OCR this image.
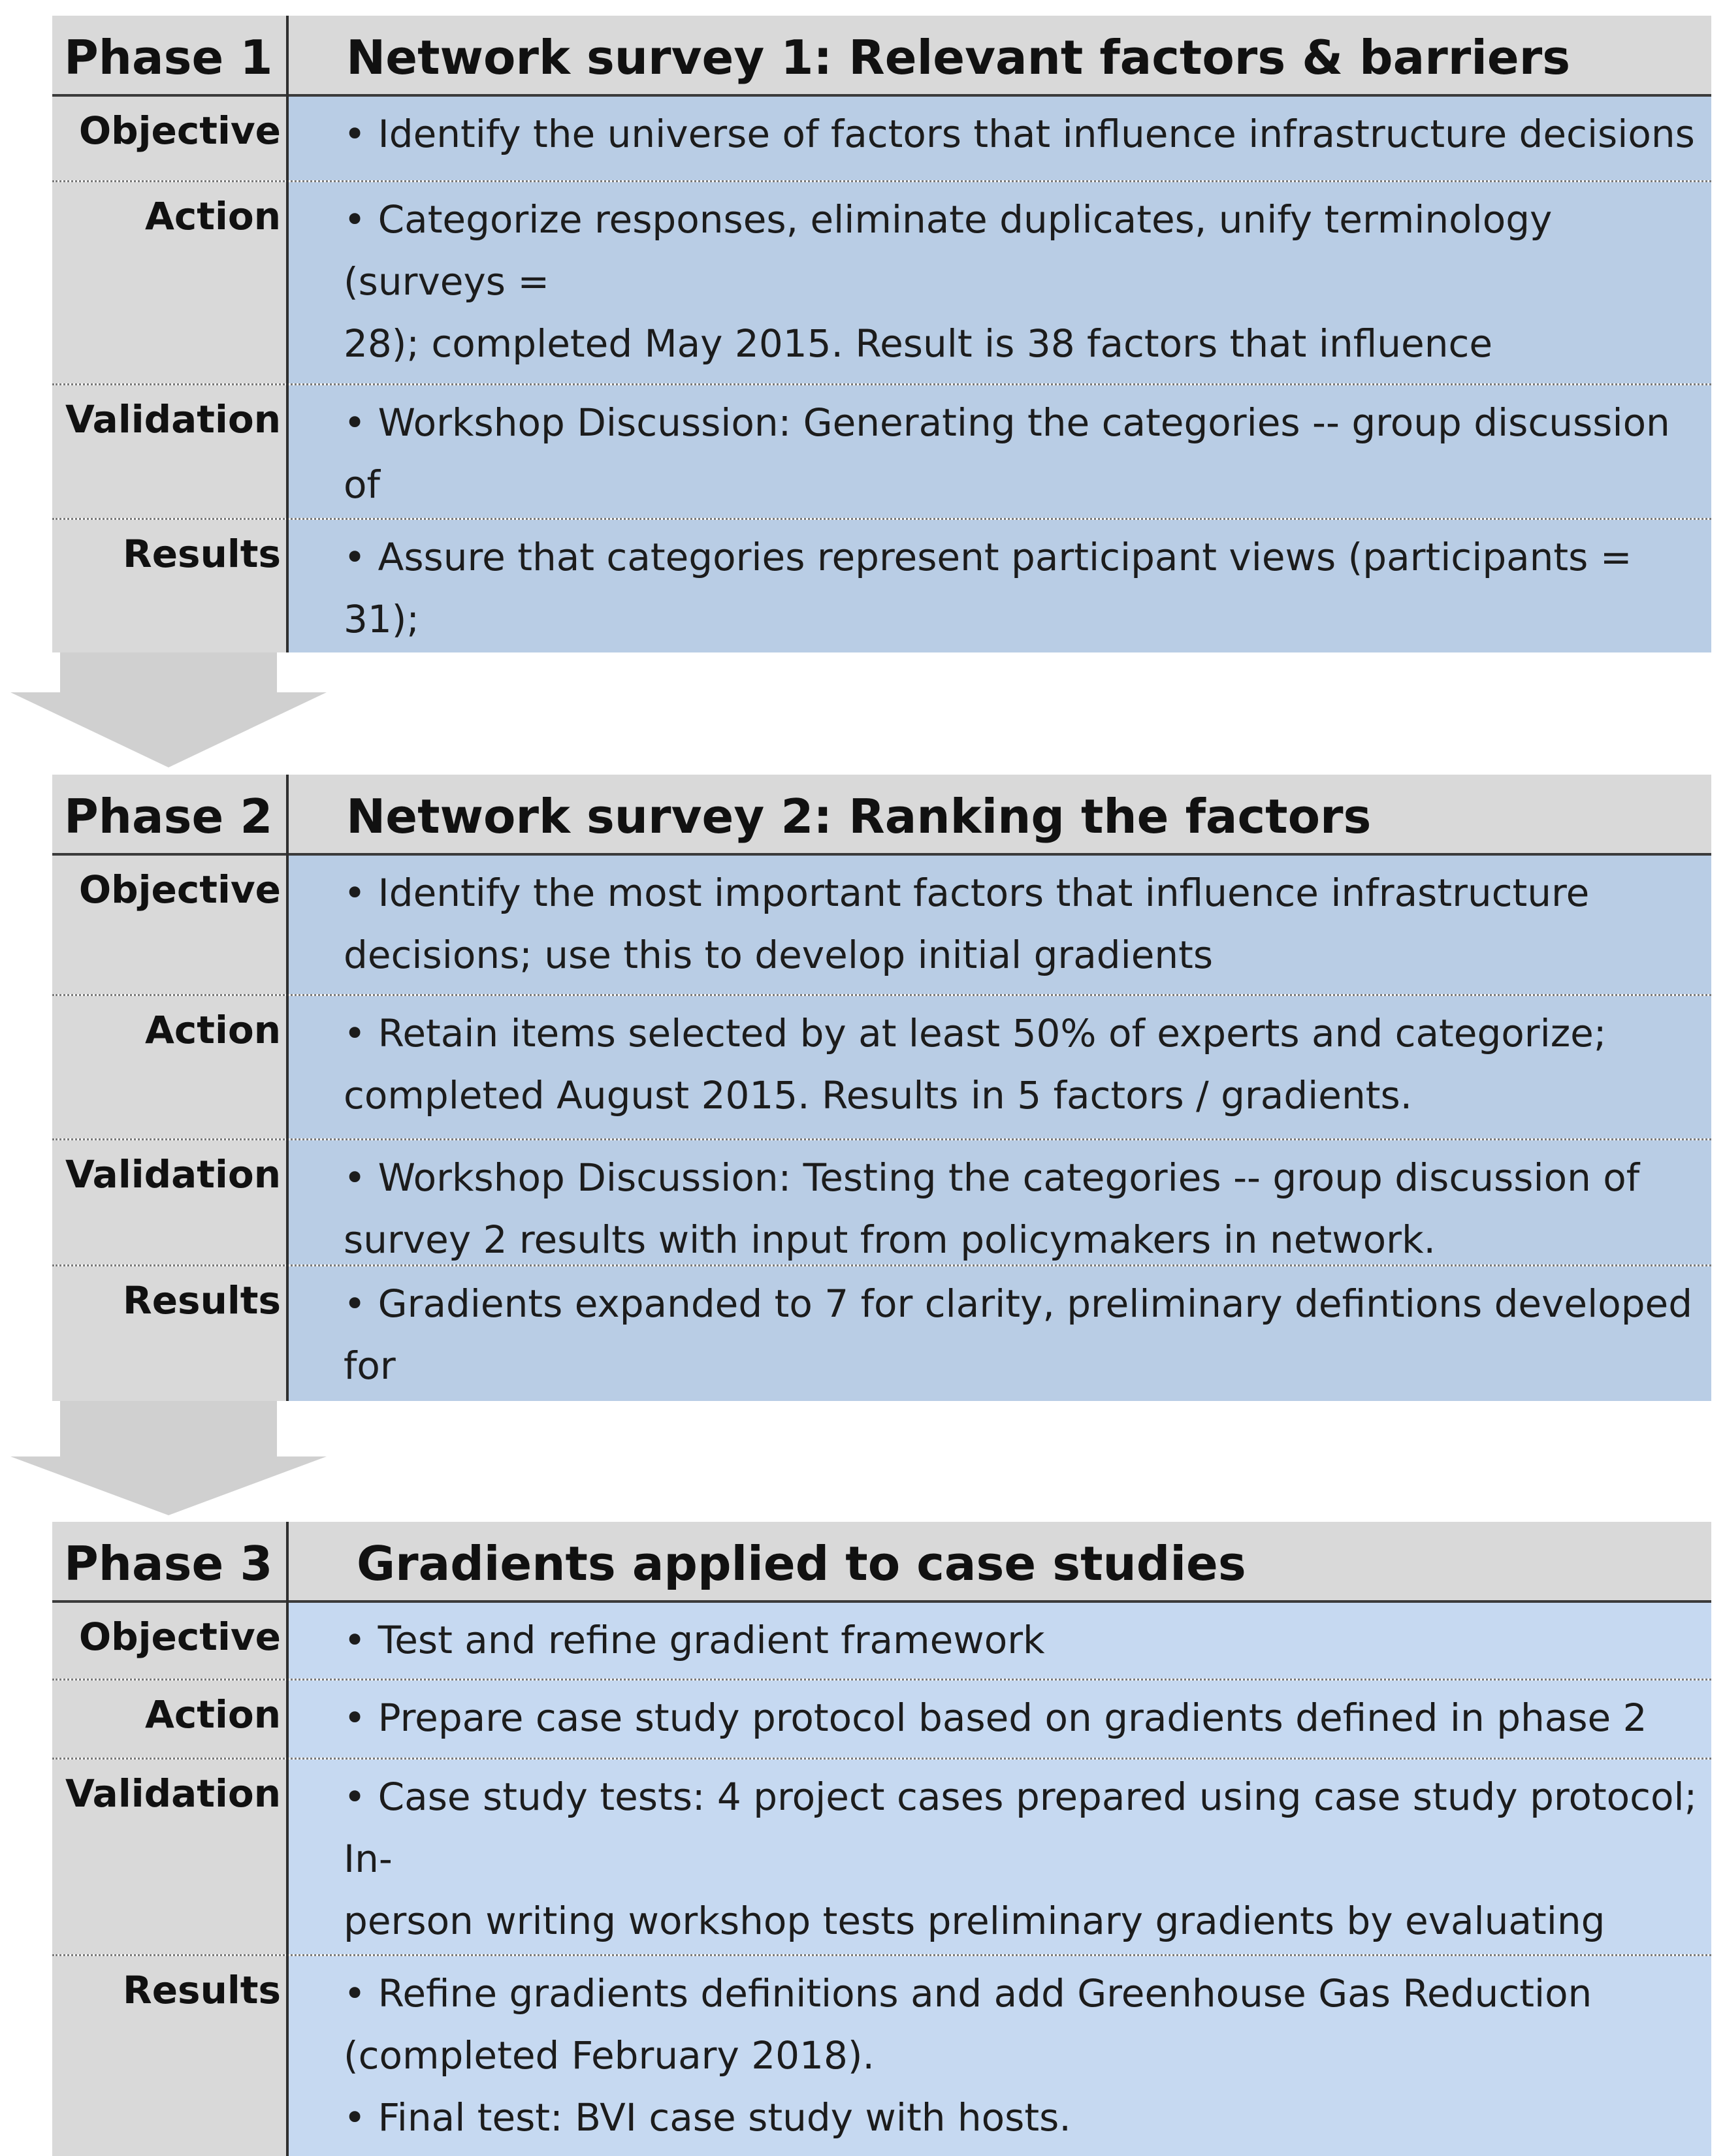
Phase 1 Network survey 1: Relevant factors & barriers
Objective	• Identify the universe of factors that influence infrastructure decisions
Action	• Categorize responses, eliminate duplicates, unify terminology (surveys =
28); completed May 2015. Result is 38 factors that influence

Validation	• Workshop Discussion: Generating the categories -- group discussion of

Results	• Assure that categories represent participant views (participants = 31);

Phase 2 Network survey 2: Ranking the factors
Objective	• Identify the most important factors that influence infrastructure
decisions; use this to develop initial gradients
Action	• Retain items selected by at least 50% of experts and categorize;
completed August 2015. Results in 5 factors / gradients.
Validation	• Workshop Discussion: Testing the categories -- group discussion of
survey 2 results with input from policymakers in network.
Results	• Gradients expanded to 7 for clarity, preliminary defintions developed for

Phase 3 Gradients applied to case studies
Objective	• Test and refine gradient framework
Action	• Prepare case study protocol based on gradients defined in phase 2
Validation	• Case study tests: 4 project cases prepared using case study protocol; In-
person writing workshop tests preliminary gradients by evaluating

Results	• Refine gradients definitions and add Greenhouse Gas Reduction
(completed February 2018).
• Final test: BVI case study with hosts.
